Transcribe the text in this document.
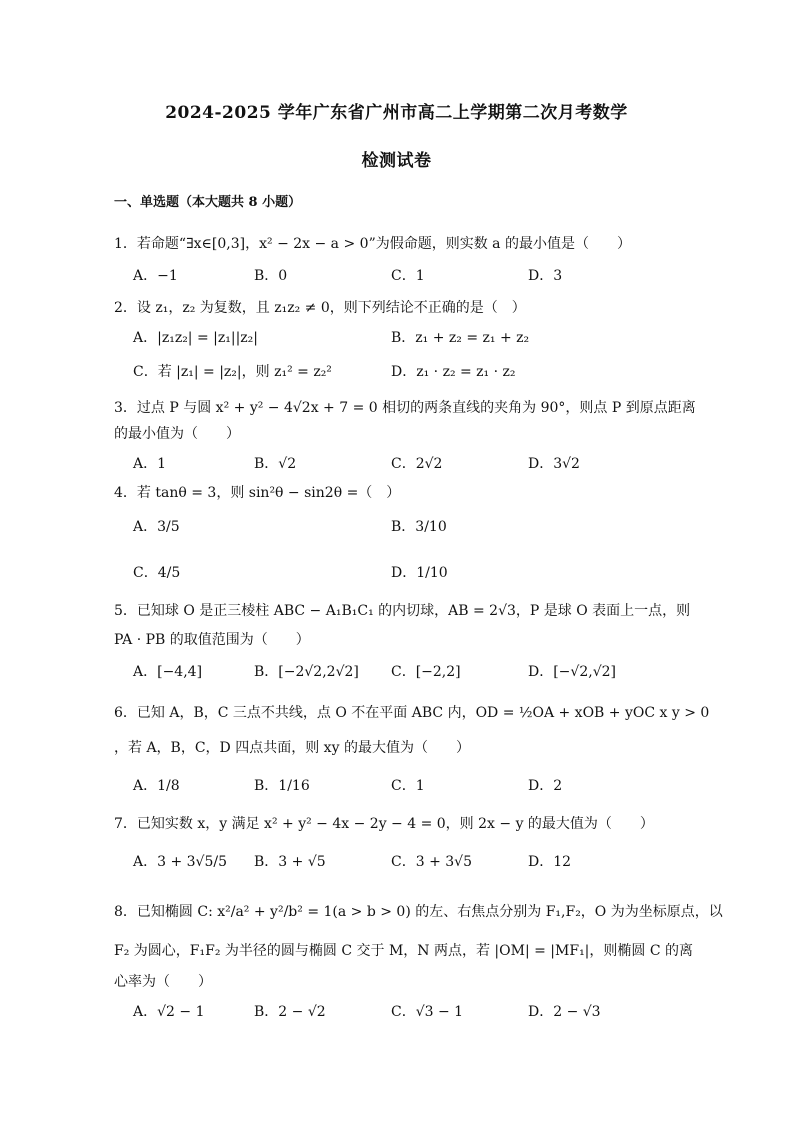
2024-2025 学年广东省广州市高二上学期第二次月考数学
检测试卷
一、单选题（本大题共 8 小题）
1．若命题“∃x∈[0,3]，x² − 2x − a > 0”为假命题，则实数 a 的最小值是（　　）
A．−1	B．0	C．1	D．3
2．设 z₁，z₂ 为复数，且 z₁z₂ ≠ 0，则下列结论不正确的是（　）
A．|z₁z₂| = |z₁||z₂|	B．z₁ + z₂ = z₁ + z₂
C．若 |z₁| = |z₂|，则 z₁² = z₂²	D．z₁ · z₂ = z₁ · z₂
3．过点 P 与圆 x² + y² − 4√2x + 7 = 0 相切的两条直线的夹角为 90°，则点 P 到原点距离
的最小值为（　　）
A．1	B．√2	C．2√2	D．3√2
4．若 tanθ = 3，则 sin²θ − sin2θ =（　）
A．3/5	B．3/10
C．4/5	D．1/10
5．已知球 O 是正三棱柱 ABC − A₁B₁C₁ 的内切球，AB = 2√3，P 是球 O 表面上一点，则
PA · PB 的取值范围为（　　）
A．[−4,4]	B．[−2√2,2√2] C．[−2,2]	D．[−√2,√2]
6．已知 A，B，C 三点不共线，点 O 不在平面 ABC 内，OD = ½OA + xOB + yOC x y > 0
，若 A，B，C，D 四点共面，则 xy 的最大值为（　　）
A．1/8	B．1/16	C．1	D．2
7．已知实数 x，y 满足 x² + y² − 4x − 2y − 4 = 0，则 2x − y 的最大值为（　　）
A．3 + 3√5/5 B．3 + √5	C．3 + 3√5	D．12
8．已知椭圆 C: x²/a² + y²/b² = 1(a > b > 0) 的左、右焦点分别为 F₁,F₂，O 为为坐标原点，以
F₂ 为圆心，F₁F₂ 为半径的圆与椭圆 C 交于 M，N 两点，若 |OM| = |MF₁|，则椭圆 C 的离
心率为（　　）
A．√2 − 1	B．2 − √2	C．√3 − 1	D．2 − √3
